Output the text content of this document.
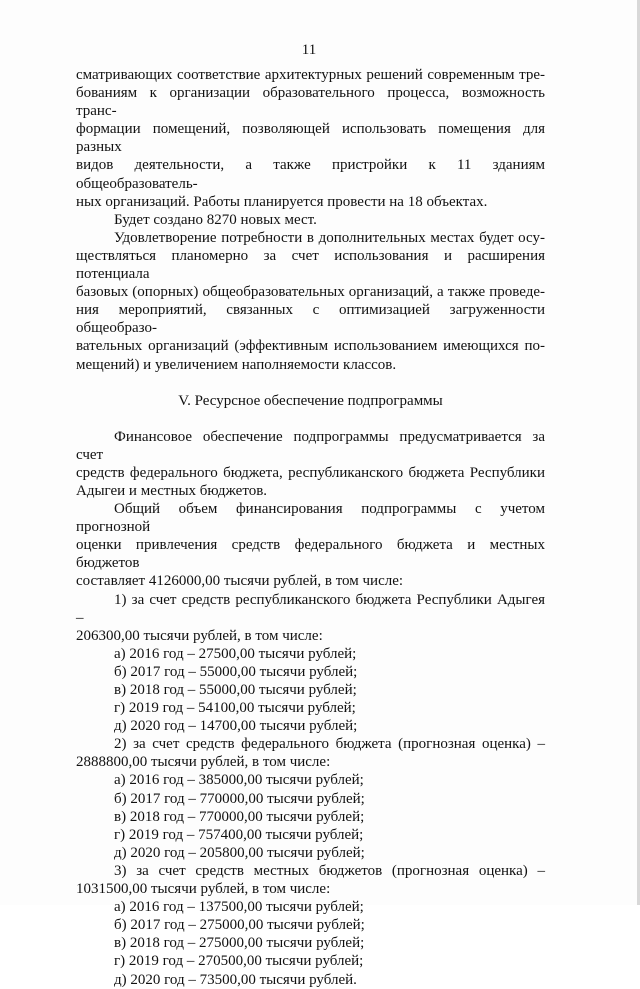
11

сматривающих соответствие архитектурных решений современным тре-

бованиям к организации образовательного процесса, возможность транс-

формации помещений, позволяющей использовать помещения для разных

видов деятельности, а также пристройки к 11 зданиям общеобразователь-

ных организаций. Работы планируется провести на 18 объектах.

Будет создано 8270 новых мест.

Удовлетворение потребности в дополнительных местах будет осу-

ществляться планомерно за счет использования и расширения потенциала

базовых (опорных) общеобразовательных организаций, а также проведе-

ния мероприятий, связанных с оптимизацией загруженности общеобразо-

вательных организаций (эффективным использованием имеющихся по-

мещений) и увеличением наполняемости классов.

V. Ресурсное обеспечение подпрограммы

Финансовое обеспечение подпрограммы предусматривается за счет

средств федерального бюджета, республиканского бюджета Республики

Адыгеи и местных бюджетов.

Общий объем финансирования подпрограммы с учетом прогнозной

оценки привлечения средств федерального бюджета и местных бюджетов

составляет 4126000,00 тысячи рублей, в том числе:

1) за счет средств республиканского бюджета Республики Адыгея –

206300,00 тысячи рублей, в том числе:

а) 2016 год – 27500,00 тысячи рублей;

б) 2017 год – 55000,00 тысячи рублей;

в) 2018 год – 55000,00 тысячи рублей;

г) 2019 год – 54100,00 тысячи рублей;

д) 2020 год – 14700,00 тысячи рублей;

2) за счет средств федерального бюджета (прогнозная оценка) –

2888800,00 тысячи рублей, в том числе:

а) 2016 год – 385000,00 тысячи рублей;

б) 2017 год – 770000,00 тысячи рублей;

в) 2018 год – 770000,00 тысячи рублей;

г) 2019 год – 757400,00 тысячи рублей;

д) 2020 год – 205800,00 тысячи рублей;

3) за счет средств местных бюджетов (прогнозная оценка) –

1031500,00 тысячи рублей, в том числе:

а) 2016 год – 137500,00 тысячи рублей;

б) 2017 год – 275000,00 тысячи рублей;

в) 2018 год – 275000,00 тысячи рублей;

г) 2019 год – 270500,00 тысячи рублей;

д) 2020 год – 73500,00 тысячи рублей.
